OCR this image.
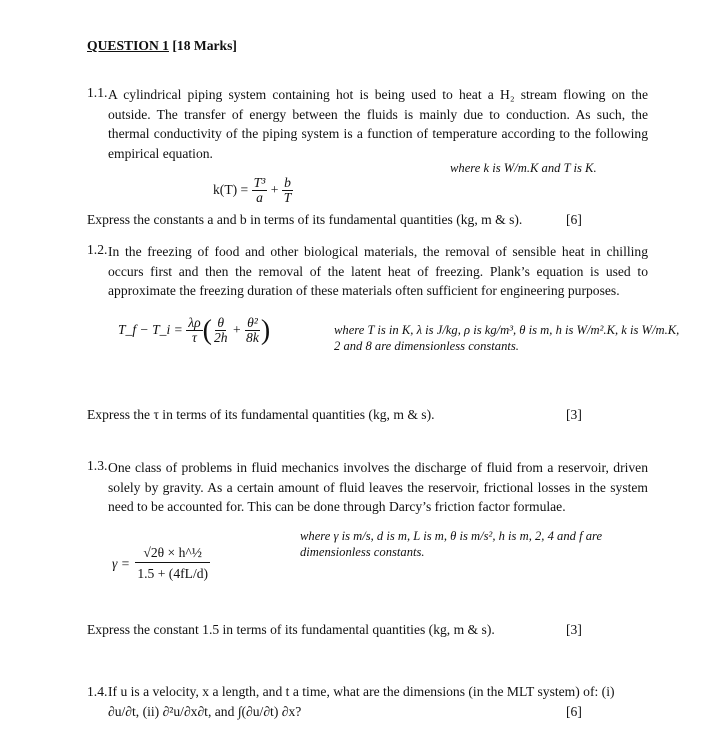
QUESTION 1 [18 Marks]
1.1. A cylindrical piping system containing hot is being used to heat a H₂ stream flowing on the outside. The transfer of energy between the fluids is mainly due to conduction. As such, the thermal conductivity of the piping system is a function of temperature according to the following empirical equation.
where k is W/m.K and T is K.
$k(T) = \frac{\text{T³}}{a} + \frac{b}{T}$
Express the constants a and b in terms of its fundamental quantities (kg, m & s).	[6]
1.2. In the freezing of food and other biological materials, the removal of sensible heat in chilling occurs first and then the removal of the latent heat of freezing. Plank’s equation is used to approximate the freezing duration of these materials often sufficient for engineering purposes.
T_f − T_i = $\frac{\lambda\rho}{\tau}$ ( $\frac{\theta}{2h} + \frac{\text{θ²}}{8k}$ )	where T is in K, λ is J/kg, ρ is kg/m³, θ is m, h is W/m².K, k is W/m.K, 2 and 8 are dimensionless constants.
Express the τ in terms of its fundamental quantities (kg, m & s).	[3]
1.3. One class of problems in fluid mechanics involves the discharge of fluid from a reservoir, driven solely by gravity. As a certain amount of fluid leaves the reservoir, frictional losses in the system need to be accounted for. This can be done through Darcy’s friction factor formulae.
where γ is m/s, d is m, L is m, θ is m/s², h is m, 2, 4 and f are dimensionless constants.
$\gamma = \frac{\text{√2θ × h\textasciicircum{}½}}{1.5 + (4fL/d)}$
Express the constant 1.5 in terms of its fundamental quantities (kg, m & s).	[3]
1.4. If u is a velocity, x a length, and t a time, what are the dimensions (in the MLT system) of: (i)
∂u/∂t, (ii) ∂²u/∂x∂t, and ∫(∂u/∂t) ∂x?	[6]
